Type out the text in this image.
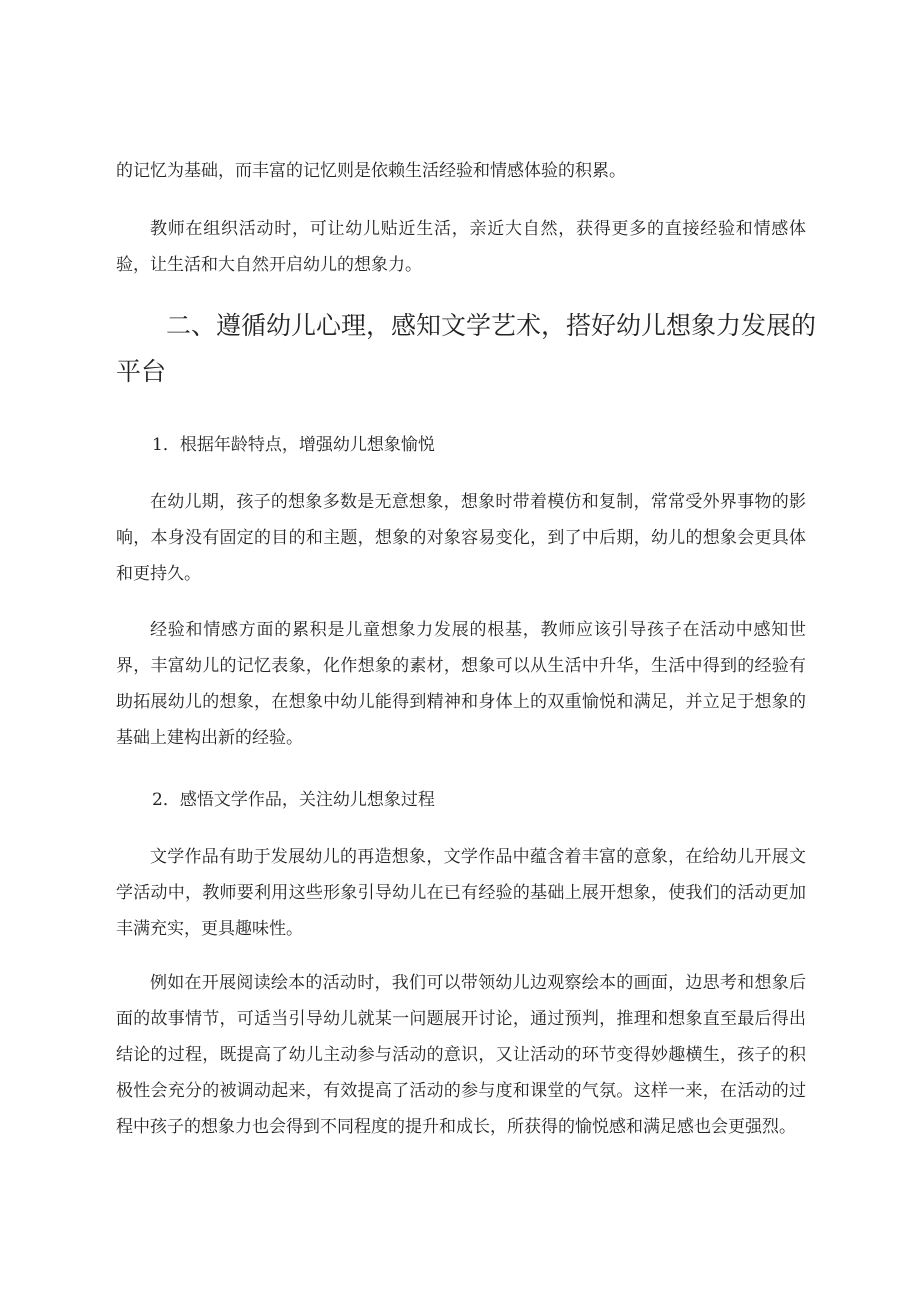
的记忆为基础，而丰富的记忆则是依赖生活经验和情感体验的积累。

教师在组织活动时，可让幼儿贴近生活，亲近大自然，获得更多的直接经验和情感体验，让生活和大自然开启幼儿的想象力。

二、遵循幼儿心理，感知文学艺术，搭好幼儿想象力发展的平台

1．根据年龄特点，增强幼儿想象愉悦

在幼儿期，孩子的想象多数是无意想象，想象时带着模仿和复制，常常受外界事物的影响，本身没有固定的目的和主题，想象的对象容易变化，到了中后期，幼儿的想象会更具体和更持久。

经验和情感方面的累积是儿童想象力发展的根基，教师应该引导孩子在活动中感知世界，丰富幼儿的记忆表象，化作想象的素材，想象可以从生活中升华，生活中得到的经验有助拓展幼儿的想象，在想象中幼儿能得到精神和身体上的双重愉悦和满足，并立足于想象的基础上建构出新的经验。

2．感悟文学作品，关注幼儿想象过程

文学作品有助于发展幼儿的再造想象，文学作品中蕴含着丰富的意象，在给幼儿开展文学活动中，教师要利用这些形象引导幼儿在已有经验的基础上展开想象，使我们的活动更加丰满充实，更具趣味性。

例如在开展阅读绘本的活动时，我们可以带领幼儿边观察绘本的画面，边思考和想象后面的故事情节，可适当引导幼儿就某一问题展开讨论，通过预判，推理和想象直至最后得出结论的过程，既提高了幼儿主动参与活动的意识，又让活动的环节变得妙趣横生，孩子的积极性会充分的被调动起来，有效提高了活动的参与度和课堂的气氛。这样一来，在活动的过程中孩子的想象力也会得到不同程度的提升和成长，所获得的愉悦感和满足感也会更强烈。
